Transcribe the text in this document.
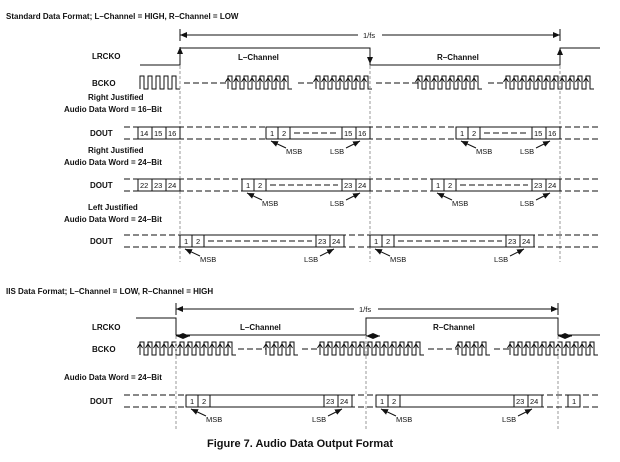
Standard Data Format; L–Channel = HIGH, R–Channel = LOW
1/fs
LRCKO	L–Channel	R–Channel
BCKO
Right Justified
Audio Data Word = 16–Bit
DOUT	14 15 16	1 2	15 16	1 2	15 16
MSB	LSB	MSB	LSB
Right Justified
Audio Data Word = 24–Bit
DOUT	22 23 24	1 2	23 24	1 2	23 24
MSB	LSB	MSB	LSB
Left Justified
Audio Data Word = 24–Bit
DOUT	1 2	23 24	1 2	23 24
MSB	LSB	MSB	LSB
IIS Data Format; L–Channel = LOW, R–Channel = HIGH
1/fs
LRCKO	L–Channel	R–Channel
BCKO
Audio Data Word = 24–Bit
DOUT	1 2	23 24	1 2	23 24	1
MSB	LSB	MSB	LSB
Figure 7. Audio Data Output Format
